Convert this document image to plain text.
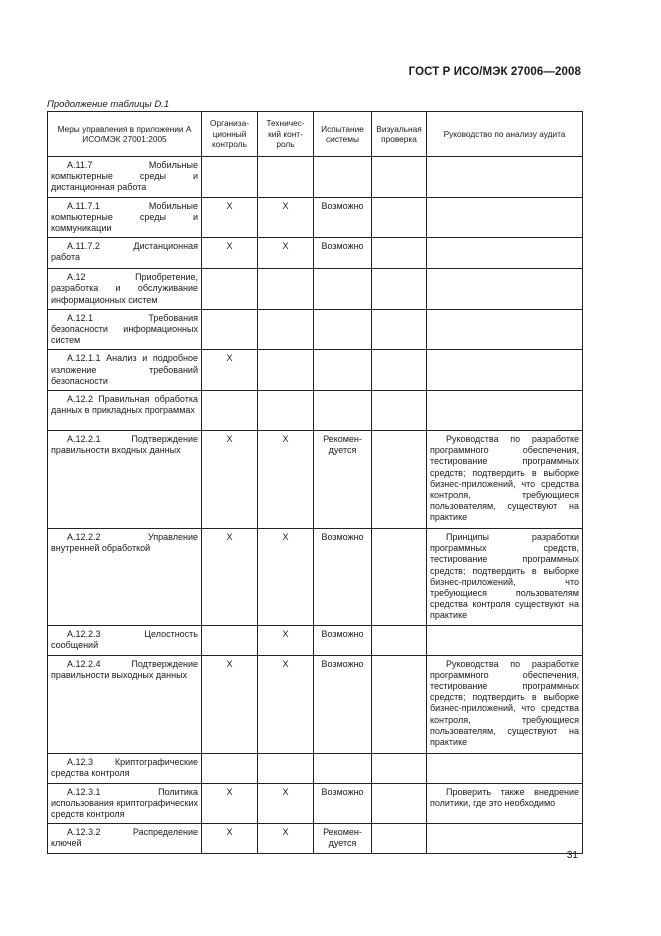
ГОСТ Р ИСО/МЭК 27006—2008
Продолжение таблицы D.1
Меры управления в приложении А ИСО/МЭК 27001:2005	Организа-ционный контроль	Техничес-кий конт-роль	Испытание системы	Визуальная проверка	Руководство по анализу аудита
А.11.7 Мобильные компьютерные среды и дистанционная работа					
А.11.7.1 Мобильные компьютерные среды и коммуникации	X	X	Возможно		
А.11.7.2 Дистанционная работа	X	X	Возможно		
А.12 Приобретение, разработка и обслуживание информационных систем					
А.12.1 Требования безопасности информационных систем					
А.12.1.1 Анализ и подробное изложение требований безопасности	X				
А.12.2 Правильная обработка данных в прикладных программах					
А.12.2.1 Подтверждение правильности входных данных	X	X	Рекомен-дуется		Руководства по разработке программного обеспечения, тестирование программных средств; подтвердить в выборке бизнес-приложений, что средства контроля, требующиеся пользователям, существуют на практике
А.12.2.2 Управление внутренней обработкой	X	X	Возможно		Принципы разработки программных средств, тестирование программных средств; подтвердить в выборке бизнес-приложений, что требующиеся пользователям средства контроля существуют на практике
А.12.2.3 Целостность сообщений		X	Возможно		
А.12.2.4 Подтверждение правильности выходных данных	X	X	Возможно		Руководства по разработке программного обеспечения, тестирование программных средств; подтвердить в выборке бизнес-приложений, что средства контроля, требующиеся пользователям, существуют на практике
А.12.3 Криптографические средства контроля					
А.12.3.1 Политика использования криптографических средств контроля	X	X	Возможно		Проверить также внедрение политики, где это необходимо
А.12.3.2 Распределение ключей	X	X	Рекомен-дуется		
31
